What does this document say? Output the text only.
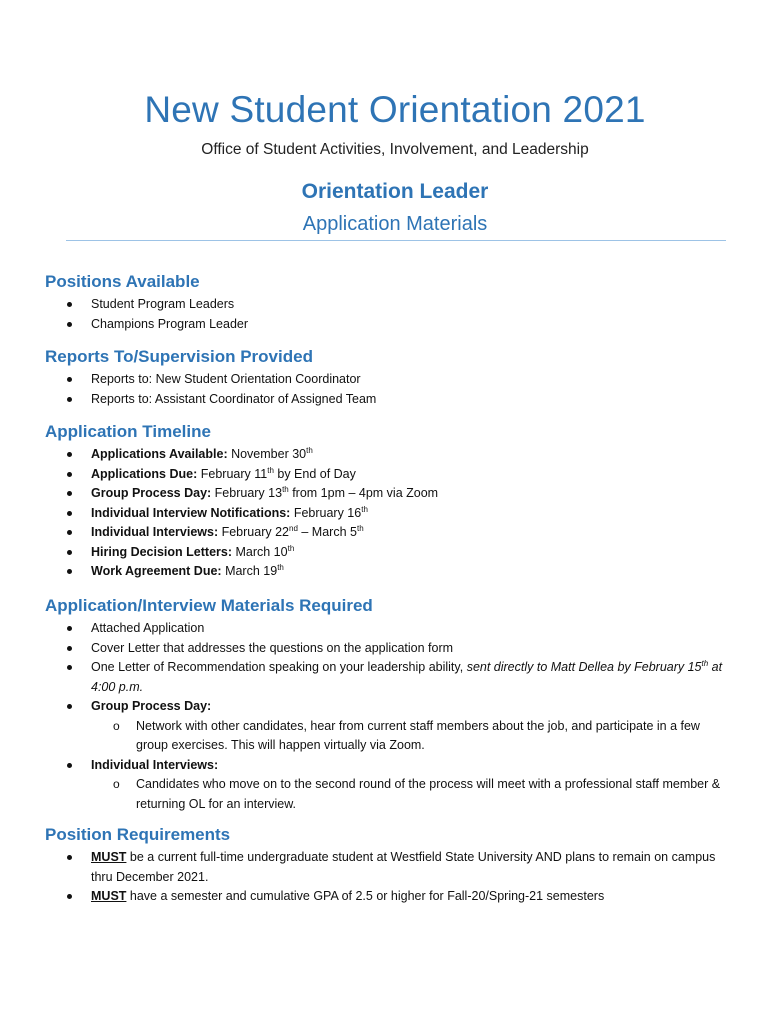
New Student Orientation 2021
Office of Student Activities, Involvement, and Leadership
Orientation Leader
Application Materials
Positions Available
Student Program Leaders
Champions Program Leader
Reports To/Supervision Provided
Reports to: New Student Orientation Coordinator
Reports to: Assistant Coordinator of Assigned Team
Application Timeline
Applications Available: November 30th
Applications Due: February 11th by End of Day
Group Process Day: February 13th from 1pm – 4pm via Zoom
Individual Interview Notifications: February 16th
Individual Interviews: February 22nd – March 5th
Hiring Decision Letters: March 10th
Work Agreement Due: March 19th
Application/Interview Materials Required
Attached Application
Cover Letter that addresses the questions on the application form
One Letter of Recommendation speaking on your leadership ability, sent directly to Matt Dellea by February 15th at 4:00 p.m.
Group Process Day:
o Network with other candidates, hear from current staff members about the job, and participate in a few group exercises. This will happen virtually via Zoom.
Individual Interviews:
o Candidates who move on to the second round of the process will meet with a professional staff member & returning OL for an interview.
Position Requirements
MUST be a current full-time undergraduate student at Westfield State University AND plans to remain on campus thru December 2021.
MUST have a semester and cumulative GPA of 2.5 or higher for Fall-20/Spring-21 semesters
